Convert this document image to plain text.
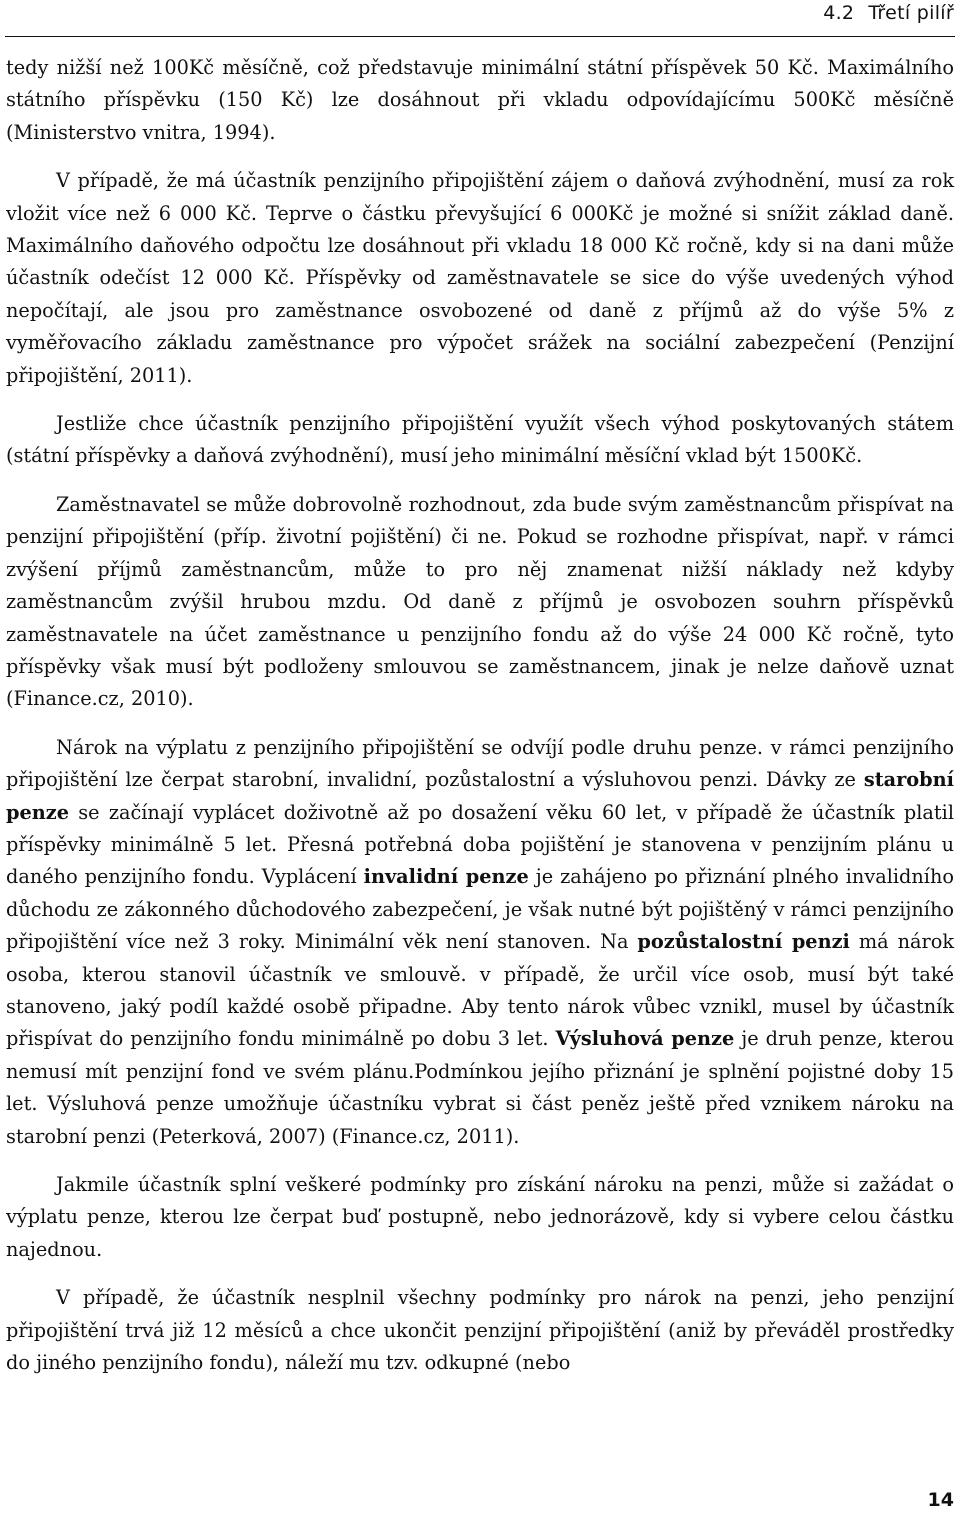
4.2 Třetí pilíř

tedy nižší než 100Kč měsíčně, což představuje minimální státní příspěvek 50 Kč. Maximálního státního příspěvku (150 Kč) lze dosáhnout při vkladu odpovídajícímu 500Kč měsíčně (Ministerstvo vnitra, 1994).

V případě, že má účastník penzijního připojištění zájem o daňová zvýhodnění, musí za rok vložit více než 6 000 Kč. Teprve o částku převyšující 6 000Kč je možné si snížit základ daně. Maximálního daňového odpočtu lze dosáhnout při vkladu 18 000 Kč ročně, kdy si na dani může účastník odečíst 12 000 Kč. Příspěvky od zaměstnavatele se sice do výše uvedených výhod nepočítají, ale jsou pro zaměstnance osvobozené od daně z příjmů až do výše 5% z vyměřovacího základu zaměstnance pro výpočet srážek na sociální zabezpečení (Penzijní připojištění, 2011).

Jestliže chce účastník penzijního připojištění využít všech výhod poskytovaných státem (státní příspěvky a daňová zvýhodnění), musí jeho minimální měsíční vklad být 1500Kč.

Zaměstnavatel se může dobrovolně rozhodnout, zda bude svým zaměstnancům přispívat na penzijní připojištění (příp. životní pojištění) či ne. Pokud se rozhodne přispívat, např. v rámci zvýšení příjmů zaměstnancům, může to pro něj znamenat nižší náklady než kdyby zaměstnancům zvýšil hrubou mzdu. Od daně z příjmů je osvobozen souhrn příspěvků zaměstnavatele na účet zaměstnance u penzijního fondu až do výše 24 000 Kč ročně, tyto příspěvky však musí být podloženy smlouvou se zaměstnancem, jinak je nelze daňově uznat (Finance.cz, 2010).

Nárok na výplatu z penzijního připojištění se odvíjí podle druhu penze. v rámci penzijního připojištění lze čerpat starobní, invalidní, pozůstalostní a výsluhovou penzi. Dávky ze starobní penze se začínají vyplácet doživotně až po dosažení věku 60 let, v případě že účastník platil příspěvky minimálně 5 let. Přesná potřebná doba pojištění je stanovena v penzijním plánu u daného penzijního fondu. Vyplácení invalidní penze je zahájeno po přiznání plného invalidního důchodu ze zákonného důchodového zabezpečení, je však nutné být pojištěný v rámci penzijního připojištění více než 3 roky. Minimální věk není stanoven. Na pozůstalostní penzi má nárok osoba, kterou stanovil účastník ve smlouvě. v případě, že určil více osob, musí být také stanoveno, jaký podíl každé osobě připadne. Aby tento nárok vůbec vznikl, musel by účastník přispívat do penzijního fondu minimálně po dobu 3 let. Výsluhová penze je druh penze, kterou nemusí mít penzijní fond ve svém plánu.Podmínkou jejího přiznání je splnění pojistné doby 15 let. Výsluhová penze umožňuje účastníku vybrat si část peněz ještě před vznikem nároku na starobní penzi (Peterková, 2007) (Finance.cz, 2011).

Jakmile účastník splní veškeré podmínky pro získání nároku na penzi, může si zažádat o výplatu penze, kterou lze čerpat buď postupně, nebo jednorázově, kdy si vybere celou částku najednou.

V případě, že účastník nesplnil všechny podmínky pro nárok na penzi, jeho penzijní připojištění trvá již 12 měsíců a chce ukončit penzijní připojištění (aniž by převáděl prostředky do jiného penzijního fondu), náleží mu tzv. odkupné (nebo

14
